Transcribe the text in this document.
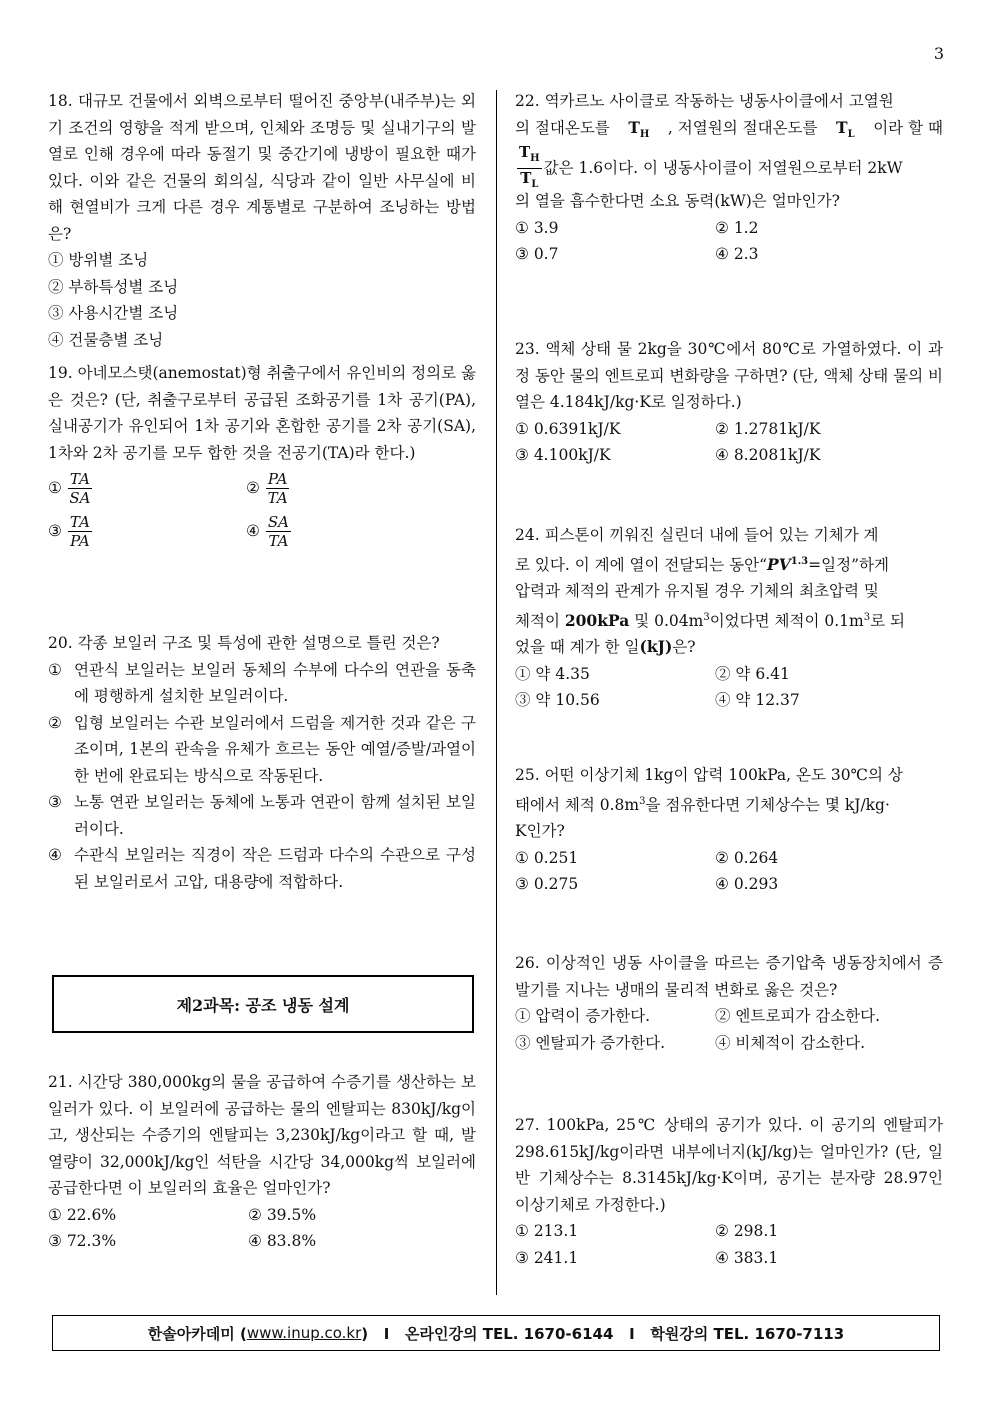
3

18. 대규모 건물에서 외벽으로부터 떨어진 중앙부(내주부)는 외기 조건의 영향을 적게 받으며, 인체와 조명등 및 실내기구의 발열로 인해 경우에 따라 동절기 및 중간기에 냉방이 필요한 때가 있다. 이와 같은 건물의 회의실, 식당과 같이 일반 사무실에 비해 현열비가 크게 다른 경우 계통별로 구분하여 조닝하는 방법은?

① 방위별 조닝

② 부하특성별 조닝

③ 사용시간별 조닝

④ 건물층별 조닝

19. 아네모스탯(anemostat)형 취출구에서 유인비의 정의로 옳은 것은? (단, 취출구로부터 공급된 조화공기를 1차 공기(PA), 실내공기가 유인되어 1차 공기와 혼합한 공기를 2차 공기(SA), 1차와 2차 공기를 모두 합한 것을 전공기(TA)라 한다.)

① $\frac{TA}{SA}$	② $\frac{PA}{TA}$
③ $\frac{TA}{PA}$	④ $\frac{SA}{TA}$

20. 각종 보일러 구조 및 특성에 관한 설명으로 틀린 것은?

① 연관식 보일러는 보일러 동체의 수부에 다수의 연관을 동축에 평행하게 설치한 보일러이다.
② 입형 보일러는 수관 보일러에서 드럼을 제거한 것과 같은 구조이며, 1본의 관속을 유체가 흐르는 동안 예열/증발/과열이 한 번에 완료되는 방식으로 작동된다.
③ 노통 연관 보일러는 동체에 노통과 연관이 함께 설치된 보일러이다.
④ 수관식 보일러는 직경이 작은 드럼과 다수의 수관으로 구성된 보일러로서 고압, 대용량에 적합하다.
제2과목: 공조 냉동 설계

21. 시간당 380,000kg의 물을 공급하여 수증기를 생산하는 보일러가 있다. 이 보일러에 공급하는 물의 엔탈피는 830kJ/kg이고, 생산되는 수증기의 엔탈피는 3,230kJ/kg이라고 할 때, 발열량이 32,000kJ/kg인 석탄을 시간당 34,000kg씩 보일러에 공급한다면 이 보일러의 효율은 얼마인가?

① 22.6%	② 39.5%
③ 72.3%	④ 83.8%

22. 역카르노 사이클로 작동하는 냉동사이클에서 고열원

의 절대온도를 $T_H$ , 저열원의 절대온도를 $T_L$ 이라 할 때

$\frac{T_H}{T_L}$ 값은 1.6이다. 이 냉동사이클이 저열원으로부터 2kW

의 열을 흡수한다면 소요 동력(kW)은 얼마인가?

① 3.9	② 1.2
③ 0.7	④ 2.3

23. 액체 상태 물 2kg을 30℃에서 80℃로 가열하였다. 이 과정 동안 물의 엔트로피 변화량을 구하면? (단, 액체 상태 물의 비열은 4.184kJ/kg·K로 일정하다.)

① 0.6391kJ/K	② 1.2781kJ/K
③ 4.100kJ/K	④ 8.2081kJ/K

24. 피스톤이 끼워진 실린더 내에 들어 있는 기체가 계

로 있다. 이 계에 열이 전달되는 동안“$PV^{1.3}=$일정”하게

압력과 체적의 관계가 유지될 경우 기체의 최초압력 및

체적이 200kPa 및 $0.04m^3$이었다면 체적이 $0.1m^3$로 되

었을 때 계가 한 일(kJ)은?

① 약 4.35	② 약 6.41
③ 약 10.56	④ 약 12.37

25. 어떤 이상기체 1kg이 압력 100kPa, 온도 30℃의 상

태에서 체적 $0.8m^3$을 점유한다면 기체상수는 몇 kJ/kg·

K인가?

① 0.251	② 0.264
③ 0.275	④ 0.293

26. 이상적인 냉동 사이클을 따르는 증기압축 냉동장치에서 증발기를 지나는 냉매의 물리적 변화로 옳은 것은?

① 압력이 증가한다.	② 엔트로피가 감소한다.
③ 엔탈피가 증가한다.	④ 비체적이 감소한다.

27. 100kPa, 25℃ 상태의 공기가 있다. 이 공기의 엔탈피가 298.615kJ/kg이라면 내부에너지(kJ/kg)는 얼마인가? (단, 일반 기체상수는 8.3145kJ/kg·K이며, 공기는 분자량 28.97인 이상기체로 가정한다.)

① 213.1	② 298.1
③ 241.1	④ 383.1
한솔아카데미 ( www.inup.co.kr )   I   온라인강의 TEL. 1670-6144   I   학원강의 TEL. 1670-7113
